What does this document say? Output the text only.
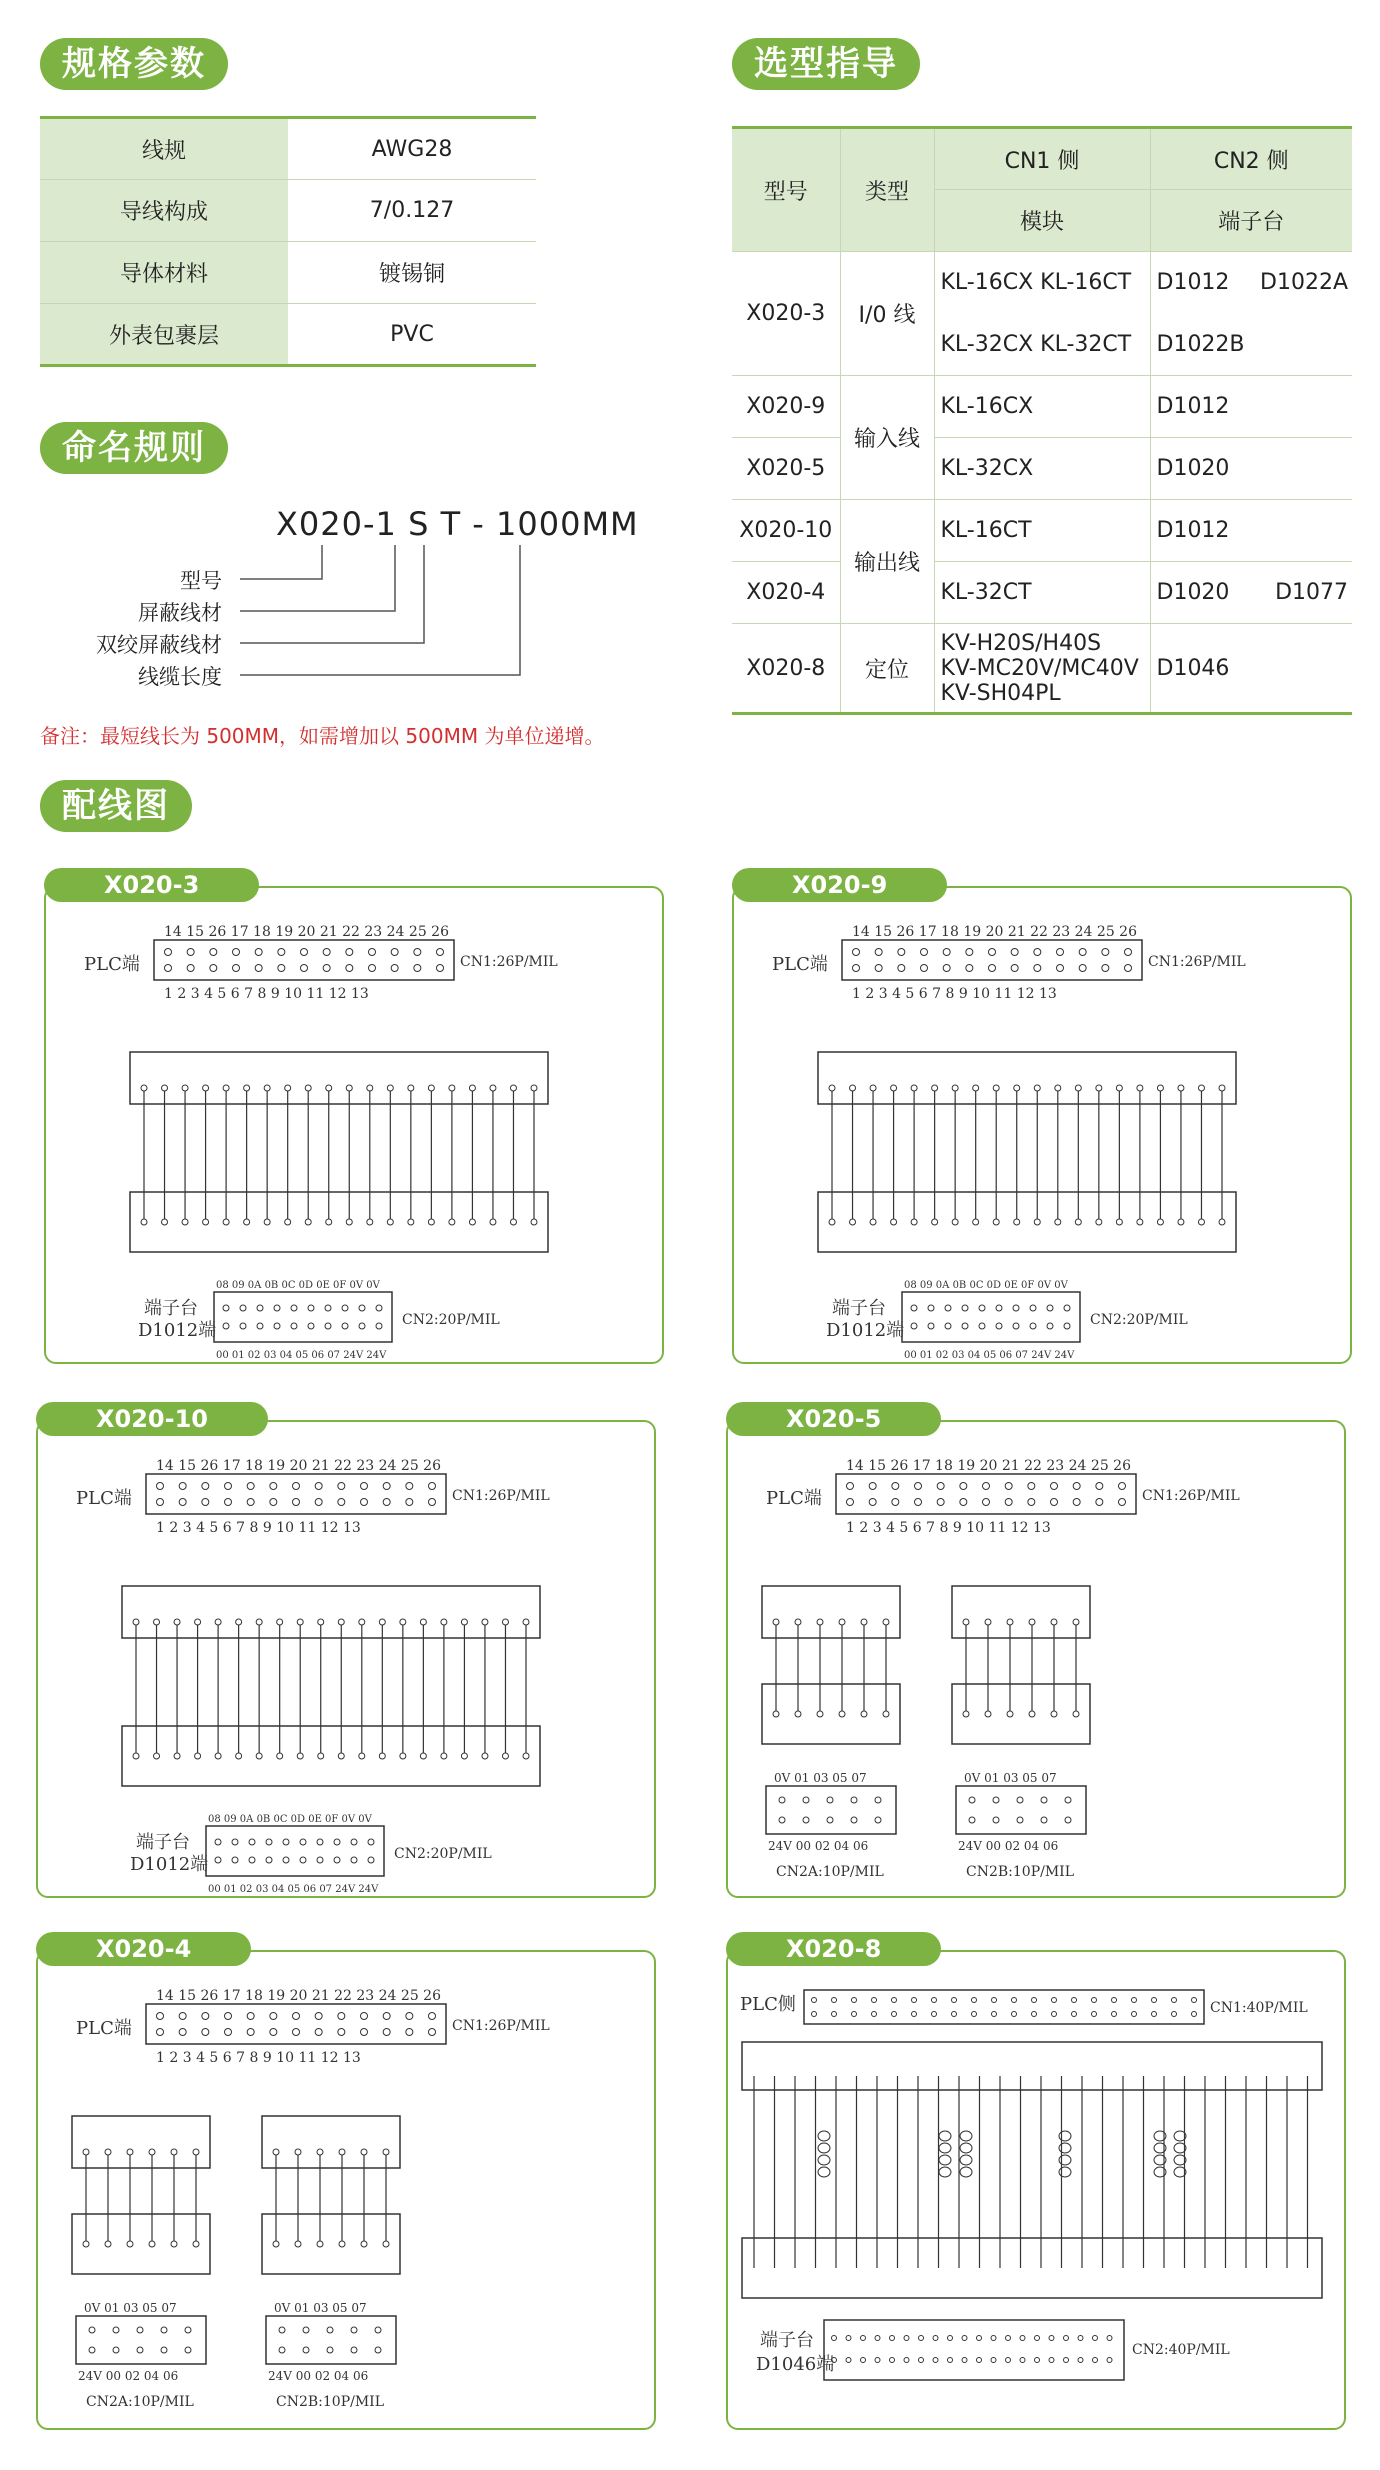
规格参数
线规	AWG28
导线构成	7/0.127
导体材料	镀锡铜
外表包裹层	PVC
选型指导
型号	类型	CN1 侧	CN2 侧
		模块	端子台
X020-3	I/0 线	KL-16CX KL-16CT	D1012 D1022A

		KL-32CX KL-32CT	D1022B
X020-9	输入线	KL-16CX	D1012
X020-5		KL-32CX	D1020
X020-10	输出线	KL-16CT	D1012
X020-4		KL-32CT	D1020 D1077

X020-8	定位	KV-H20S/H40S
KV-MC20V/MC40V
KV-SH04PL	D1046
命名规则
X020-1 S T - 1000MM
型号
屏蔽线材
双绞屏蔽线材
线缆长度
备注：最短线长为 500MM，如需增加以 500MM 为单位递增。
配线图
X020-3
PLC端
14 15 26 17 18 19 20 21 22 23 24 25 26
1 2 3 4 5 6 7 8 9 10 11 12 13
CN1:26P/MIL
端子台
D1012端
08 09 0A 0B 0C 0D 0E 0F 0V 0V
00 01 02 03 04 05 06 07 24V 24V
CN2:20P/MIL
X020-9
PLC端
14 15 26 17 18 19 20 21 22 23 24 25 26
1 2 3 4 5 6 7 8 9 10 11 12 13
CN1:26P/MIL
端子台
D1012端
08 09 0A 0B 0C 0D 0E 0F 0V 0V
00 01 02 03 04 05 06 07 24V 24V
CN2:20P/MIL
X020-10
PLC端
14 15 26 17 18 19 20 21 22 23 24 25 26
1 2 3 4 5 6 7 8 9 10 11 12 13
CN1:26P/MIL
端子台
D1012端
08 09 0A 0B 0C 0D 0E 0F 0V 0V
00 01 02 03 04 05 06 07 24V 24V
CN2:20P/MIL
X020-5
PLC端
14 15 26 17 18 19 20 21 22 23 24 25 26
1 2 3 4 5 6 7 8 9 10 11 12 13
CN1:26P/MIL
0V 01 03 05 07
24V 00 02 04 06
CN2A:10P/MIL
0V 01 03 05 07
24V 00 02 04 06
CN2B:10P/MIL
X020-4
PLC端
14 15 26 17 18 19 20 21 22 23 24 25 26
1 2 3 4 5 6 7 8 9 10 11 12 13
CN1:26P/MIL
0V 01 03 05 07
24V 00 02 04 06
CN2A:10P/MIL
0V 01 03 05 07
24V 00 02 04 06
CN2B:10P/MIL
X020-8
PLC侧	CN1:40P/MIL
端子台
D1046端
CN2:40P/MIL
